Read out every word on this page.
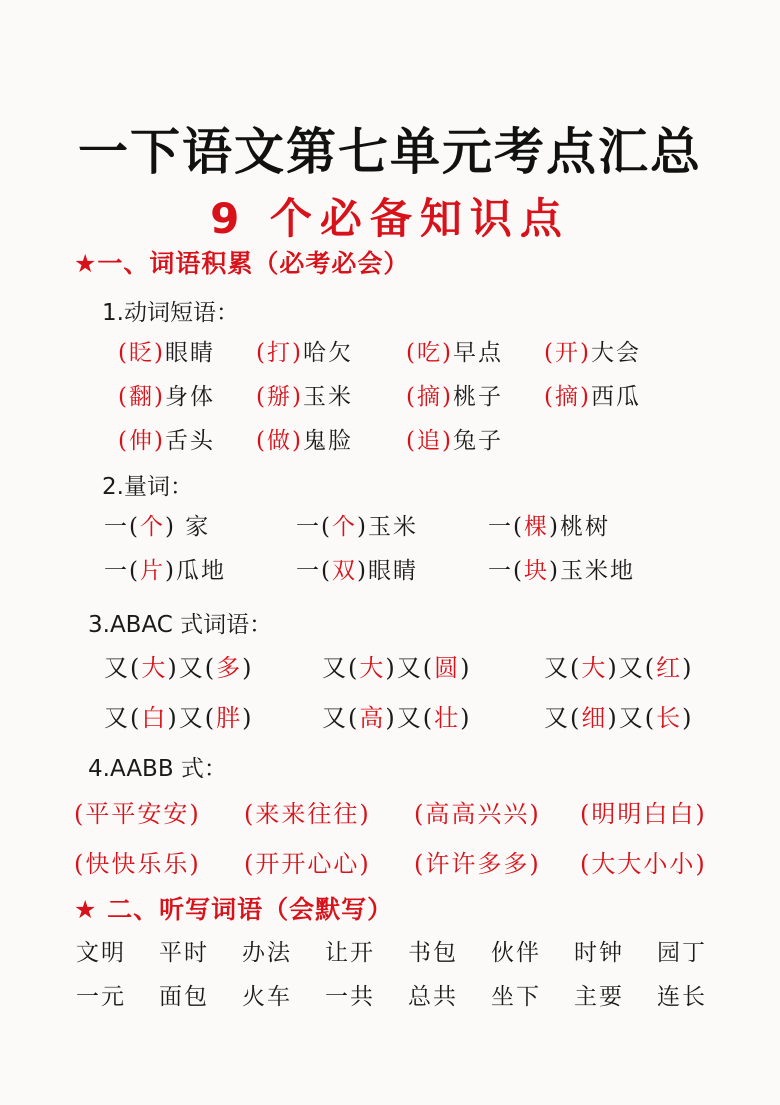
一下语文第七单元考点汇总
9 个必备知识点
★一、词语积累（必考必会）
1.动词短语：
(眨)眼睛 (打)哈欠 (吃)早点 (开)大会
(翻)身体 (掰)玉米 (摘)桃子 (摘)西瓜
(伸)舌头 (做)鬼脸 (追)兔子
2.量词：
一(个) 家	一(个)玉米	一(棵)桃树
一(片)瓜地	一(双)眼睛	一(块)玉米地
3.ABAC 式词语：
又(大)又(多)	又(大)又(圆)	又(大)又(红)
又(白)又(胖)	又(高)又(壮)	又(细)又(长)
4.AABB 式：
(平平安安) (来来往往) (高高兴兴) (明明白白)
(快快乐乐) (开开心心) (许许多多) (大大小小)
★ 二、听写词语（会默写）
文明 平时 办法 让开 书包 伙伴 时钟 园丁
一元 面包 火车 一共 总共 坐下 主要 连长
